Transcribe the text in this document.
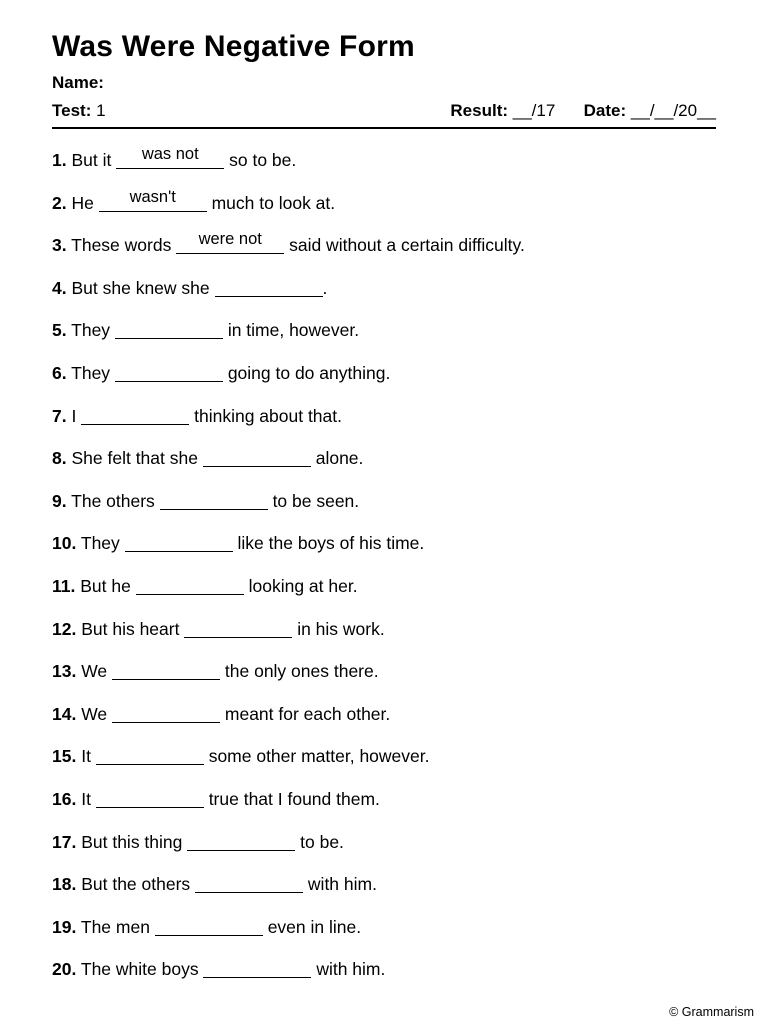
Was Were Negative Form
Name:
Test: 1	Result: __/17 Date: __/__/20__
1. But it	was not	so to be.
2. He	wasn't	much to look at.
3. These words	were not	said without a certain difficulty.
4. But she knew she	.
5. They	in time, however.
6. They	going to do anything.
7. I	thinking about that.
8. She felt that she	alone.
9. The others	to be seen.
10. They	like the boys of his time.
11. But he	looking at her.
12. But his heart	in his work.
13. We	the only ones there.
14. We	meant for each other.
15. It	some other matter, however.
16. It	true that I found them.
17. But this thing	to be.
18. But the others	with him.
19. The men	even in line.
20. The white boys	with him.
© Grammarism
